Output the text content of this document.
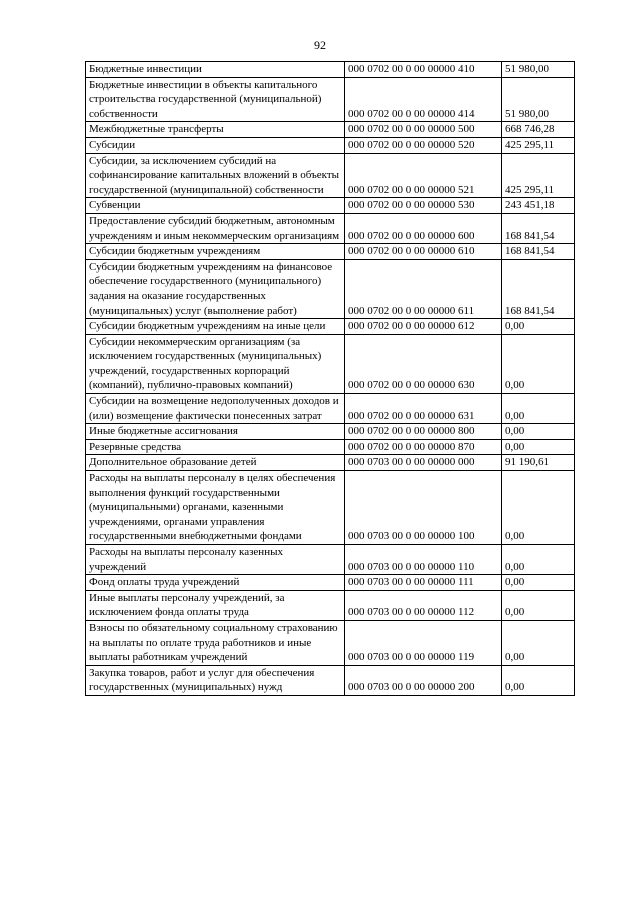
92
Бюджетные инвестиции	000 0702 00 0 00 00000 410	51 980,00
Бюджетные инвестиции в объекты капитального строительства государственной (муниципальной) собственности	000 0702 00 0 00 00000 414	51 980,00
Межбюджетные трансферты	000 0702 00 0 00 00000 500	668 746,28
Субсидии	000 0702 00 0 00 00000 520	425 295,11
Субсидии, за исключением субсидий на софинансирование капитальных вложений в объекты государственной (муниципальной) собственности	000 0702 00 0 00 00000 521	425 295,11
Субвенции	000 0702 00 0 00 00000 530	243 451,18
Предоставление субсидий бюджетным, автономным учреждениям и иным некоммерческим организациям	000 0702 00 0 00 00000 600	168 841,54
Субсидии бюджетным учреждениям	000 0702 00 0 00 00000 610	168 841,54
Субсидии бюджетным учреждениям на финансовое обеспечение государственного (муниципального) задания на оказание государственных (муниципальных) услуг (выполнение работ)	000 0702 00 0 00 00000 611	168 841,54
Субсидии бюджетным учреждениям на иные цели	000 0702 00 0 00 00000 612	0,00
Субсидии некоммерческим организациям (за исключением государственных (муниципальных) учреждений, государственных корпораций (компаний), публично-правовых компаний)	000 0702 00 0 00 00000 630	0,00
Субсидии на возмещение недополученных доходов и (или) возмещение фактически понесенных затрат	000 0702 00 0 00 00000 631	0,00
Иные бюджетные ассигнования	000 0702 00 0 00 00000 800	0,00
Резервные средства	000 0702 00 0 00 00000 870	0,00
Дополнительное образование детей	000 0703 00 0 00 00000 000	91 190,61
Расходы на выплаты персоналу в целях обеспечения выполнения функций государственными (муниципальными) органами, казенными учреждениями, органами управления государственными внебюджетными фондами	000 0703 00 0 00 00000 100	0,00
Расходы на выплаты персоналу казенных учреждений	000 0703 00 0 00 00000 110	0,00
Фонд оплаты труда учреждений	000 0703 00 0 00 00000 111	0,00
Иные выплаты персоналу учреждений, за исключением фонда оплаты труда	000 0703 00 0 00 00000 112	0,00
Взносы по обязательному социальному страхованию на выплаты по оплате труда работников и иные выплаты работникам учреждений	000 0703 00 0 00 00000 119	0,00
Закупка товаров, работ и услуг для обеспечения государственных (муниципальных) нужд	000 0703 00 0 00 00000 200	0,00
